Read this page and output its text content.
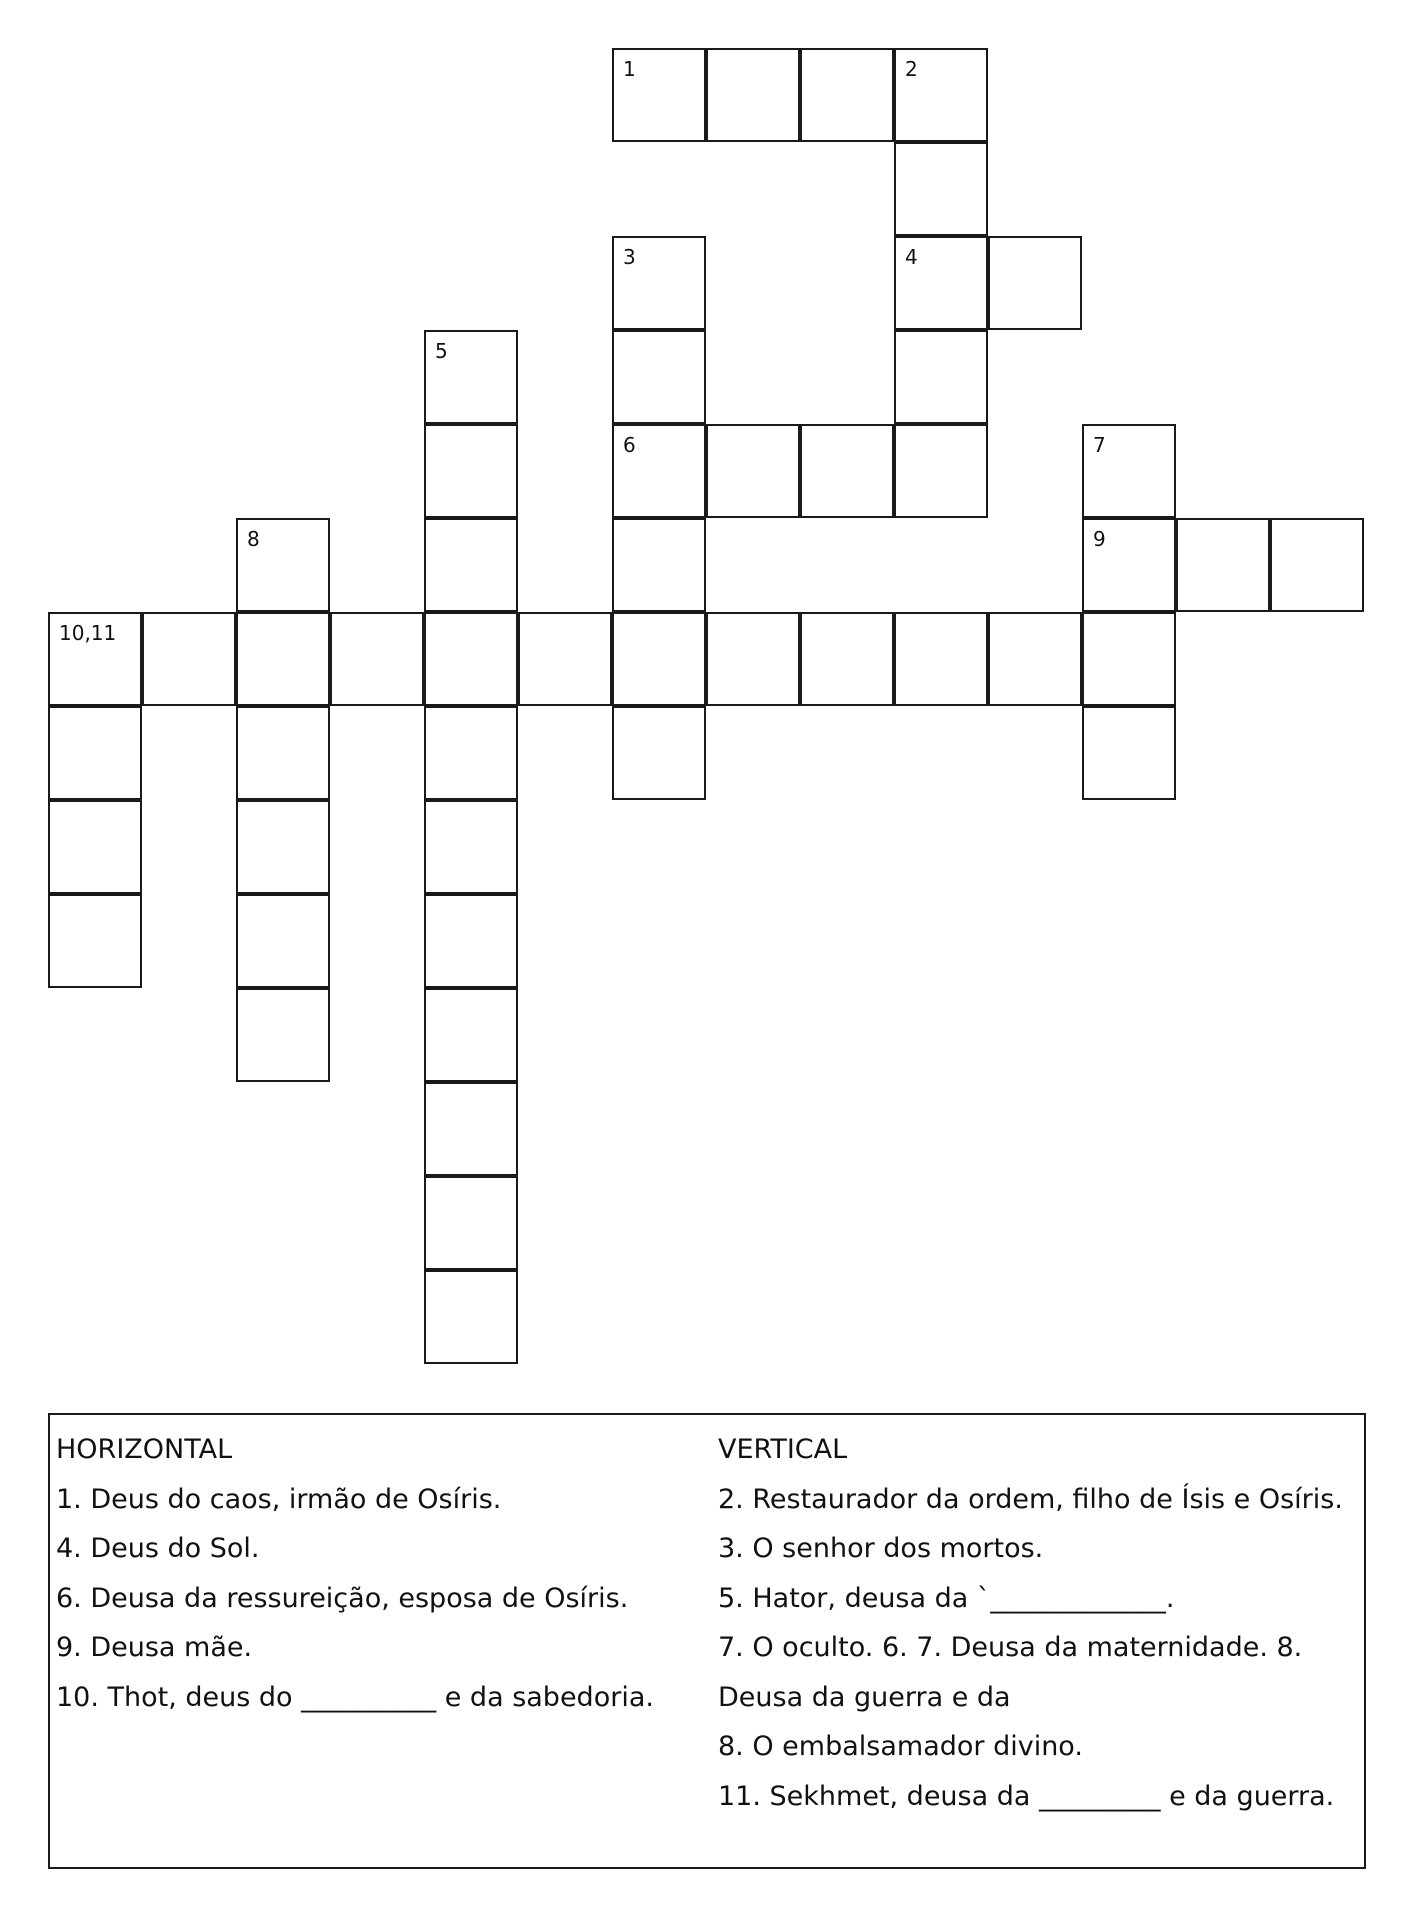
1	2
3	4
5
6	7
8	9
10,11
HORIZONTAL
1. Deus do caos, irmão de Osíris.
4. Deus do Sol.
6. Deusa da ressureição, esposa de Osíris.
9. Deusa mãe.
10. Thot, deus do __________ e da sabedoria.
VERTICAL
2. Restaurador da ordem, filho de Ísis e Osíris.
3. O senhor dos mortos.
5. Hator, deusa da `_____________.
7. O oculto. 6. 7. Deusa da maternidade. 8.
Deusa da guerra e da
8. O embalsamador divino.
11. Sekhmet, deusa da _________ e da guerra.
